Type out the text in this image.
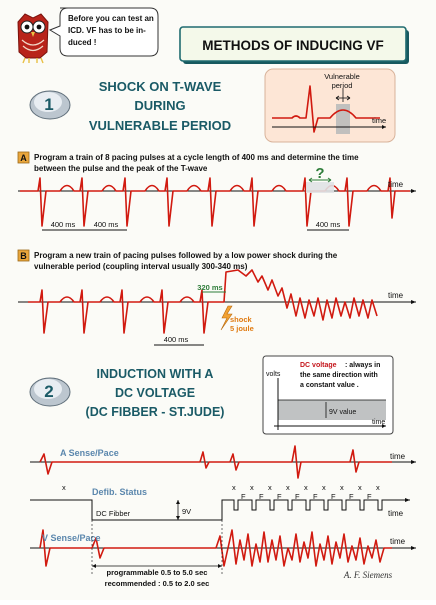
Before you can test an
ICD. VF has to be in-
duced !	METHODS OF INDUCING VF
1
SHOCK ON T-WAVE
DURING
VULNERABLE PERIOD
Vulnerable
period
time
A Program a train of 8 pacing pulses at a cycle length of 400 ms and determine the time
between the pulse and the peak of the T-wave
time
?
400 ms 400 ms	400 ms
B Program a new train of pacing pulses followed by a low power shock during the
vulnerable period (coupling interval usually 300-340 ms)
time
320 ms
shock
5 joule
400 ms
2
INDUCTION WITH A
DC VOLTAGE
(DC FIBBER - ST.JUDE)
volts
9V value
time
DC voltage : always in
the same direction with
a constant value .
A Sense/Pace	time
Defib. Status
DC Fibber	9V
x	x x x x x x x x x
F F F F F F F F
time
V Sense/Pace	time
programmable 0.5 to 5.0 sec
recommended : 0.5 to 2.0 sec
A. F. Siemens
